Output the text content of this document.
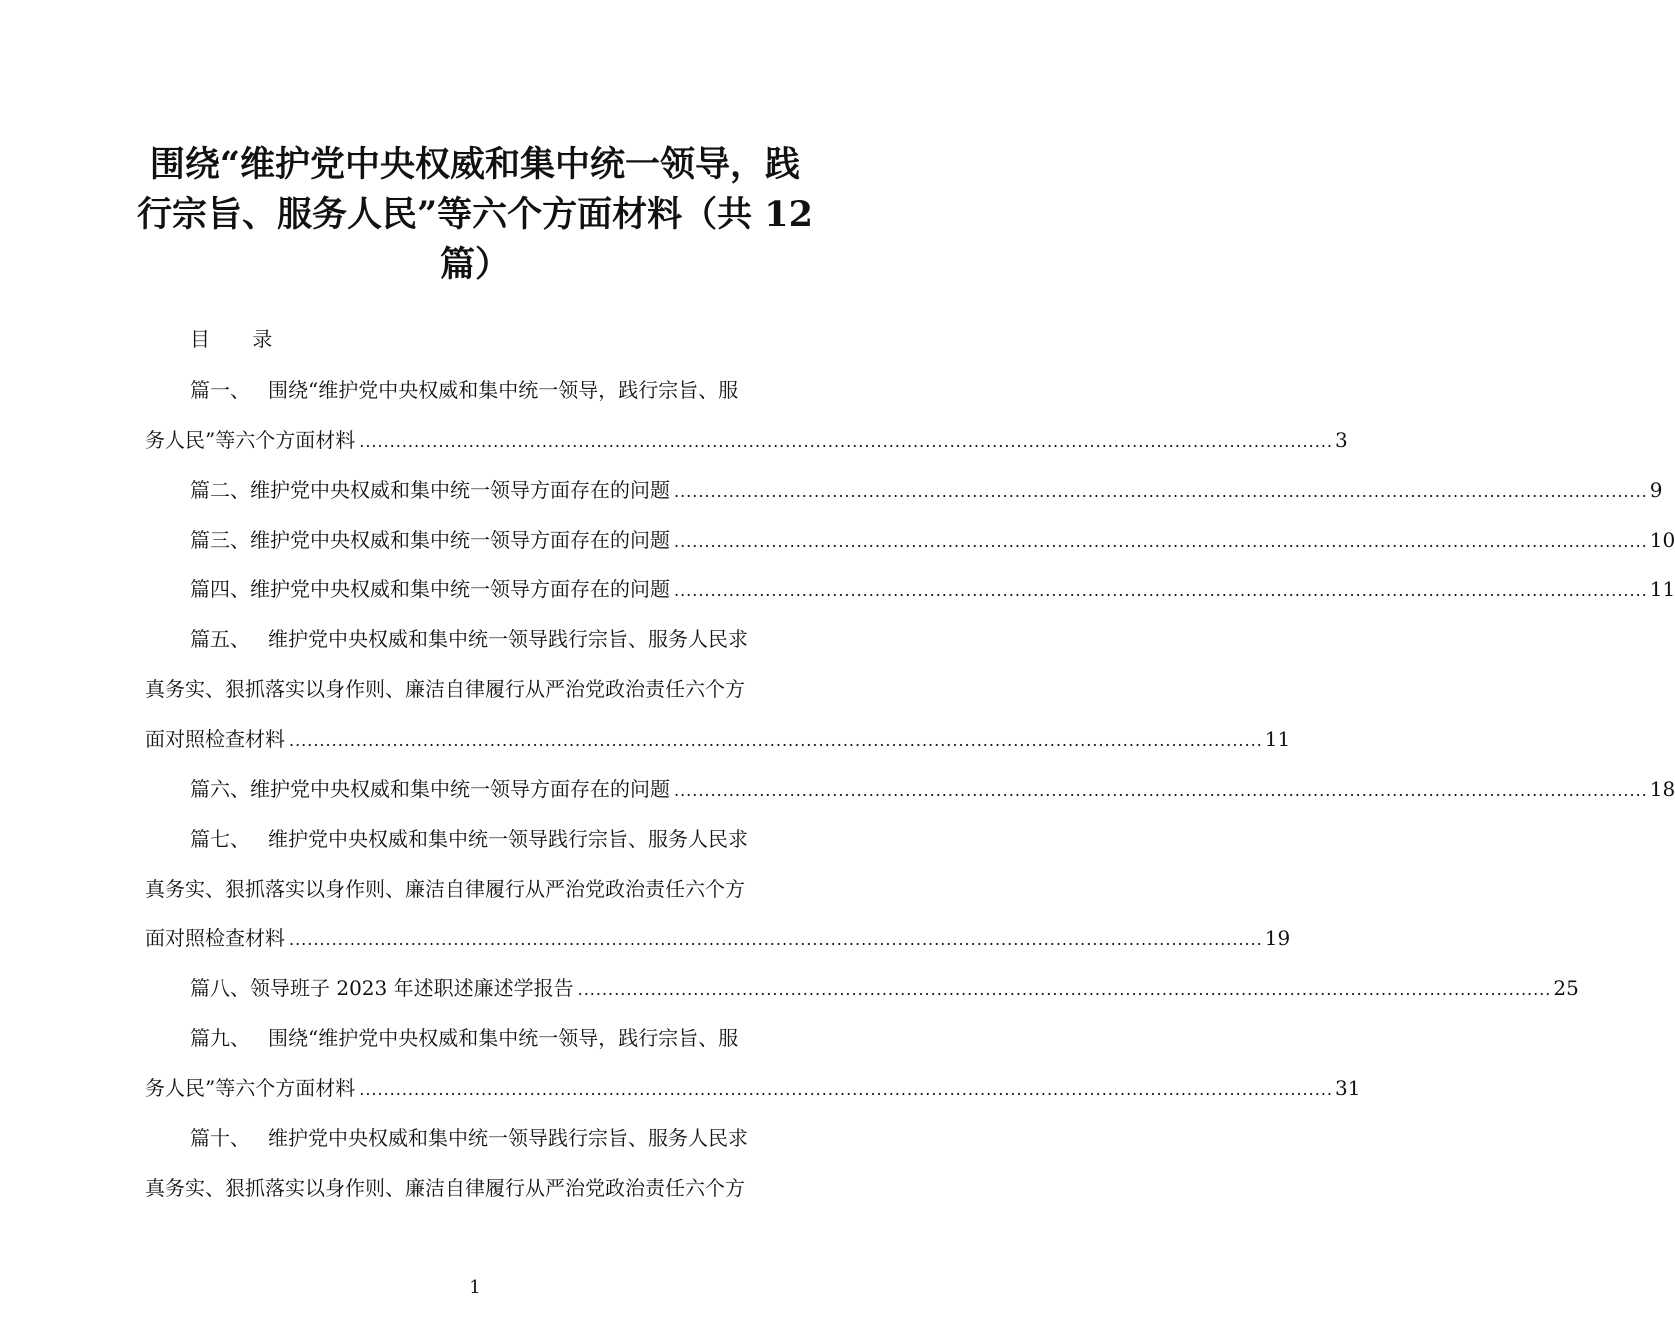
围绕“维护党中央权威和集中统一领导，践
行宗旨、服务人民”等六个方面材料（共 12
篇）
目 录
篇一、 围绕“维护党中央权威和集中统一领导，践行宗旨、服
务人民”等六个方面材料 ................................................................................................................................................................ 3
篇二、 维护党中央权威和集中统一领导方面存在的问题 ................................................................................................................................................................ 9
篇三、 维护党中央权威和集中统一领导方面存在的问题 ................................................................................................................................................................ 10
篇四、 维护党中央权威和集中统一领导方面存在的问题 ................................................................................................................................................................ 11
篇五、 维护党中央权威和集中统一领导践行宗旨、服务人民求
真务实、狠抓落实以身作则、廉洁自律履行从严治党政治责任六个方
面对照检查材料 ................................................................................................................................................................ 11
篇六、 维护党中央权威和集中统一领导方面存在的问题 ................................................................................................................................................................ 18
篇七、 维护党中央权威和集中统一领导践行宗旨、服务人民求
真务实、狠抓落实以身作则、廉洁自律履行从严治党政治责任六个方
面对照检查材料 ................................................................................................................................................................ 19
篇八、 领导班子 2023 年述职述廉述学报告 ................................................................................................................................................................ 25
篇九、 围绕“维护党中央权威和集中统一领导，践行宗旨、服
务人民”等六个方面材料 ................................................................................................................................................................ 31
篇十、 维护党中央权威和集中统一领导践行宗旨、服务人民求
真务实、狠抓落实以身作则、廉洁自律履行从严治党政治责任六个方
1
